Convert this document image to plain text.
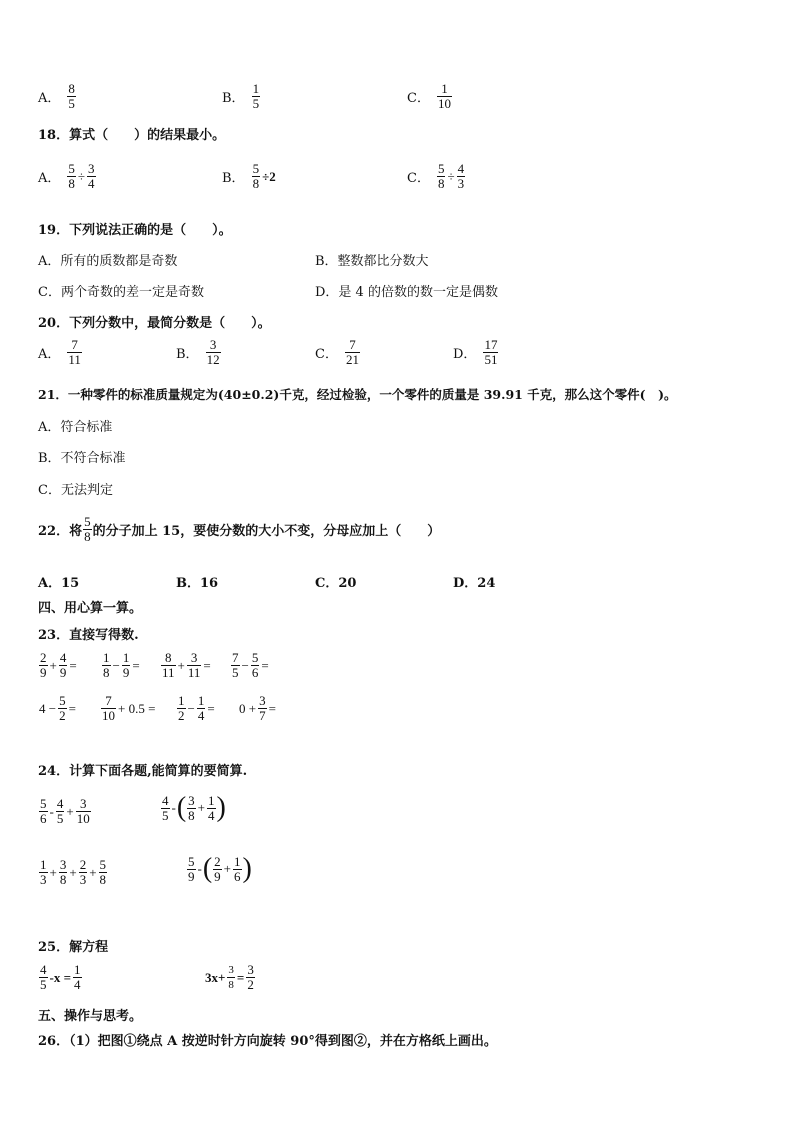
A． $\frac{8}{5}$	B． $\frac{1}{5}$	C． $\frac{1}{10}$
18．算式（　　）的结果最小。
A． $\frac{5}{8} \div \frac{3}{4}$	B． $\frac{5}{8} \div 2$	C． $\frac{5}{8} \div \frac{4}{3}$
19．下列说法正确的是（　　）。
A．所有的质数都是奇数	B．整数都比分数大
C．两个奇数的差一定是奇数	D．是 4 的倍数的数一定是偶数
20．下列分数中，最简分数是（　　）。
A． $\frac{7}{11}$	B． $\frac{3}{12}$	C． $\frac{7}{21}$	D． $\frac{17}{51}$
21．一种零件的标准质量规定为(40±0.2)千克，经过检验，一个零件的质量是 39.91 千克，那么这个零件(　)。
A．符合标准
B．不符合标准
C．无法判定
22．将 $\frac{5}{8}$ 的分子加上 15，要使分数的大小不变，分母应加上（　　）
A．15	B．16	C．20	D．24
四、用心算一算。
23．直接写得数.
$\frac{2}{9} + \frac{4}{9} = \frac{1}{8} - \frac{1}{9} = \frac{8}{11} + \frac{3}{11} = \frac{7}{5} - \frac{5}{6}$ =
$4 - \frac{5}{2} = \frac{7}{10} + 0.5 = \frac{1}{2} - \frac{1}{4} = 0 + \frac{3}{7}$ =
24．计算下面各题,能简算的要简算.
$\frac{5}{6} - \frac{4}{5} + \frac{3}{10}$	$\frac{4}{5}$ - ( $\frac{3}{8} + \frac{1}{4}$ )
$\frac{1}{3} + \frac{3}{8} + \frac{2}{3} + \frac{5}{8}$	$\frac{5}{9}$ - ( $\frac{2}{9} + \frac{1}{6}$ )
25．解方程
$\frac{4}{5} -x = \frac{1}{4}$	$3x+ \frac{3}{8} = \frac{3}{2}$
五、操作与思考。
26．（1）把图①绕点 A 按逆时针方向旋转 90°得到图②，并在方格纸上画出。
